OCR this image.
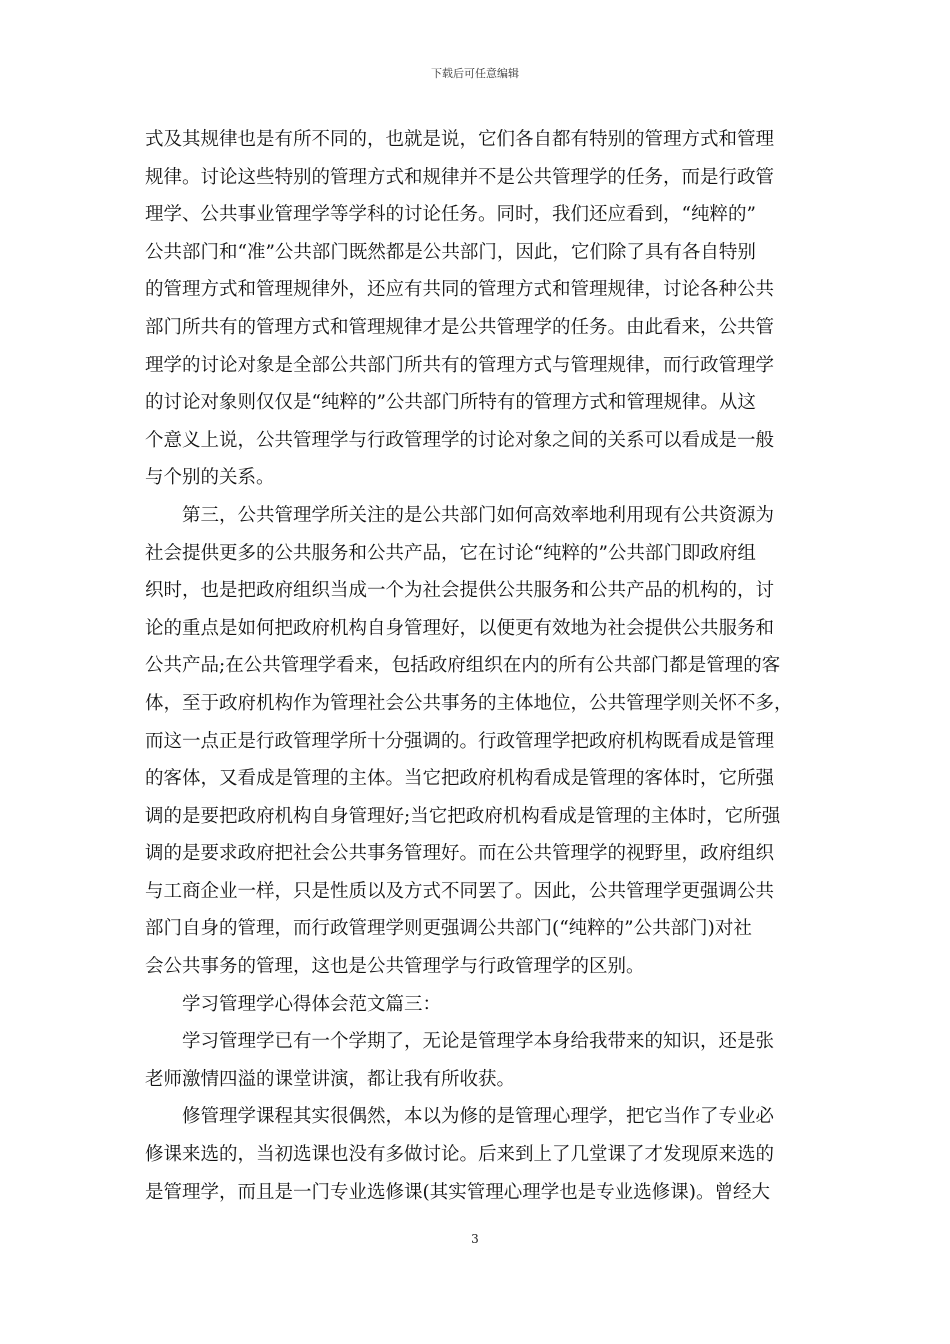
下载后可任意编辑
式及其规律也是有所不同的，也就是说，它们各自都有特别的管理方式和管理
规律。讨论这些特别的管理方式和规律并不是公共管理学的任务，而是行政管
理学、公共事业管理学等学科的讨论任务。同时，我们还应看到，“纯粹的”
公共部门和“准”公共部门既然都是公共部门，因此，它们除了具有各自特别
的管理方式和管理规律外，还应有共同的管理方式和管理规律，讨论各种公共
部门所共有的管理方式和管理规律才是公共管理学的任务。由此看来，公共管
理学的讨论对象是全部公共部门所共有的管理方式与管理规律，而行政管理学
的讨论对象则仅仅是“纯粹的”公共部门所特有的管理方式和管理规律。从这
个意义上说，公共管理学与行政管理学的讨论对象之间的关系可以看成是一般
与个别的关系。
第三，公共管理学所关注的是公共部门如何高效率地利用现有公共资源为
社会提供更多的公共服务和公共产品，它在讨论“纯粹的”公共部门即政府组
织时，也是把政府组织当成一个为社会提供公共服务和公共产品的机构的，讨
论的重点是如何把政府机构自身管理好，以便更有效地为社会提供公共服务和
公共产品;在公共管理学看来，包括政府组织在内的所有公共部门都是管理的客
体，至于政府机构作为管理社会公共事务的主体地位，公共管理学则关怀不多，
而这一点正是行政管理学所十分强调的。行政管理学把政府机构既看成是管理
的客体，又看成是管理的主体。当它把政府机构看成是管理的客体时，它所强
调的是要把政府机构自身管理好;当它把政府机构看成是管理的主体时，它所强
调的是要求政府把社会公共事务管理好。而在公共管理学的视野里，政府组织
与工商企业一样，只是性质以及方式不同罢了。因此，公共管理学更强调公共
部门自身的管理，而行政管理学则更强调公共部门(“纯粹的”公共部门)对社
会公共事务的管理，这也是公共管理学与行政管理学的区别。
学习管理学心得体会范文篇三：
学习管理学已有一个学期了，无论是管理学本身给我带来的知识，还是张
老师激情四溢的课堂讲演，都让我有所收获。
修管理学课程其实很偶然，本以为修的是管理心理学，把它当作了专业必
修课来选的，当初选课也没有多做讨论。后来到上了几堂课了才发现原来选的
是管理学，而且是一门专业选修课(其实管理心理学也是专业选修课)。曾经大
3
